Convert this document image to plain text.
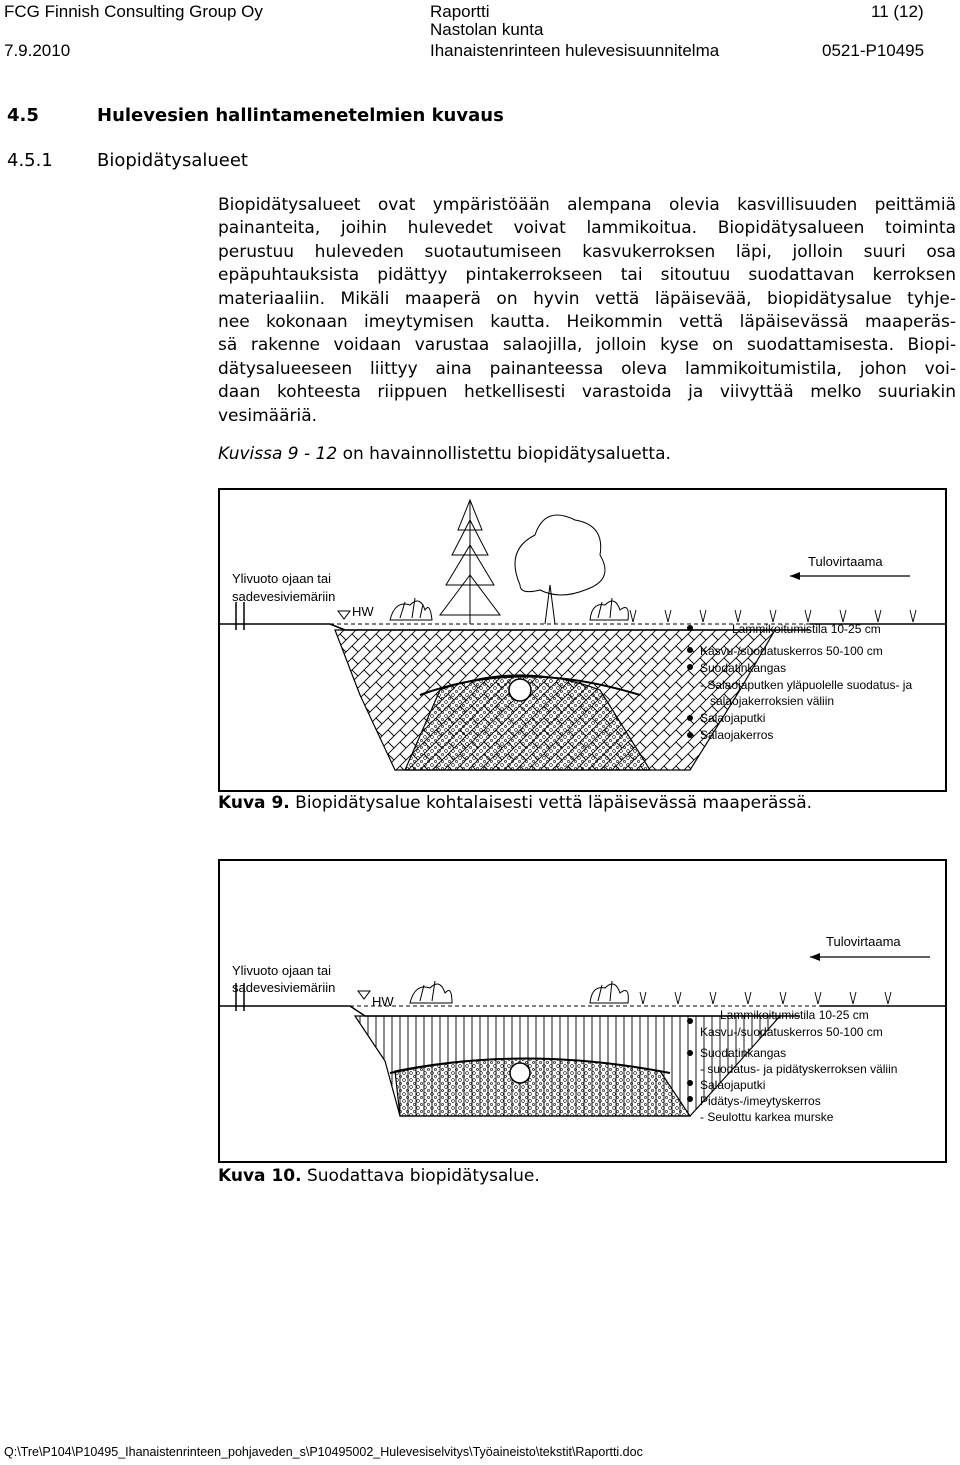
FCG Finnish Consulting Group Oy
7.9.2010
Raportti
Nastolan kunta
Ihanaistenrinteen hulevesisuunnitelma
11 (12)
0521-P10495
4.5	Hulevesien hallintamenetelmien kuvaus
4.5.1 Biopidätysalueet
Biopidätysalueet ovat ympäristöään alempana olevia kasvillisuuden peittämiä
painanteita, joihin hulevedet voivat lammikoitua. Biopidätysalueen toiminta
perustuu huleveden suotautumiseen kasvukerroksen läpi, jolloin suuri osa
epäpuhtauksista pidättyy pintakerrokseen tai sitoutuu suodattavan kerroksen
materiaaliin. Mikäli maaperä on hyvin vettä läpäisevää, biopidätysalue tyhje-
nee kokonaan imeytymisen kautta. Heikommin vettä läpäisevässä maaperäs-
sä rakenne voidaan varustaa salaojilla, jolloin kyse on suodattamisesta. Biopi-
dätysalueeseen liittyy aina painanteessa oleva lammikoitumistila, johon voi-
daan kohteesta riippuen hetkellisesti varastoida ja viivyttää melko suuriakin
vesimääriä.
Kuvissa 9 - 12 on havainnollistettu biopidätysaluetta.
Ylivuoto ojaan tai
sadevesiviemäriin
HW
Tulovirtaama
Lammikoitumistila 10-25 cm
Kasvu-/suodatuskerros 50-100 cm
Suodatinkangas
- Salaojaputken yläpuolelle suodatus- ja
salaojakerroksien väliin
Salaojaputki
Salaojakerros
Kuva 9. Biopidätysalue kohtalaisesti vettä läpäisevässä maaperässä.
Ylivuoto ojaan tai
sadevesiviemäriin
HW
Tulovirtaama
Lammikoitumistila 10-25 cm
Kasvu-/suodatuskerros 50-100 cm
Suodatinkangas
- suodatus- ja pidätyskerroksen väliin
Salaojaputki
Pidätys-/imeytyskerros
- Seulottu karkea murske
Kuva 10. Suodattava biopidätysalue.
Q:\Tre\P104\P10495_Ihanaistenrinteen_pohjaveden_s\P10495002_Hulevesiselvitys\Työaineisto\tekstit\Raportti.doc
